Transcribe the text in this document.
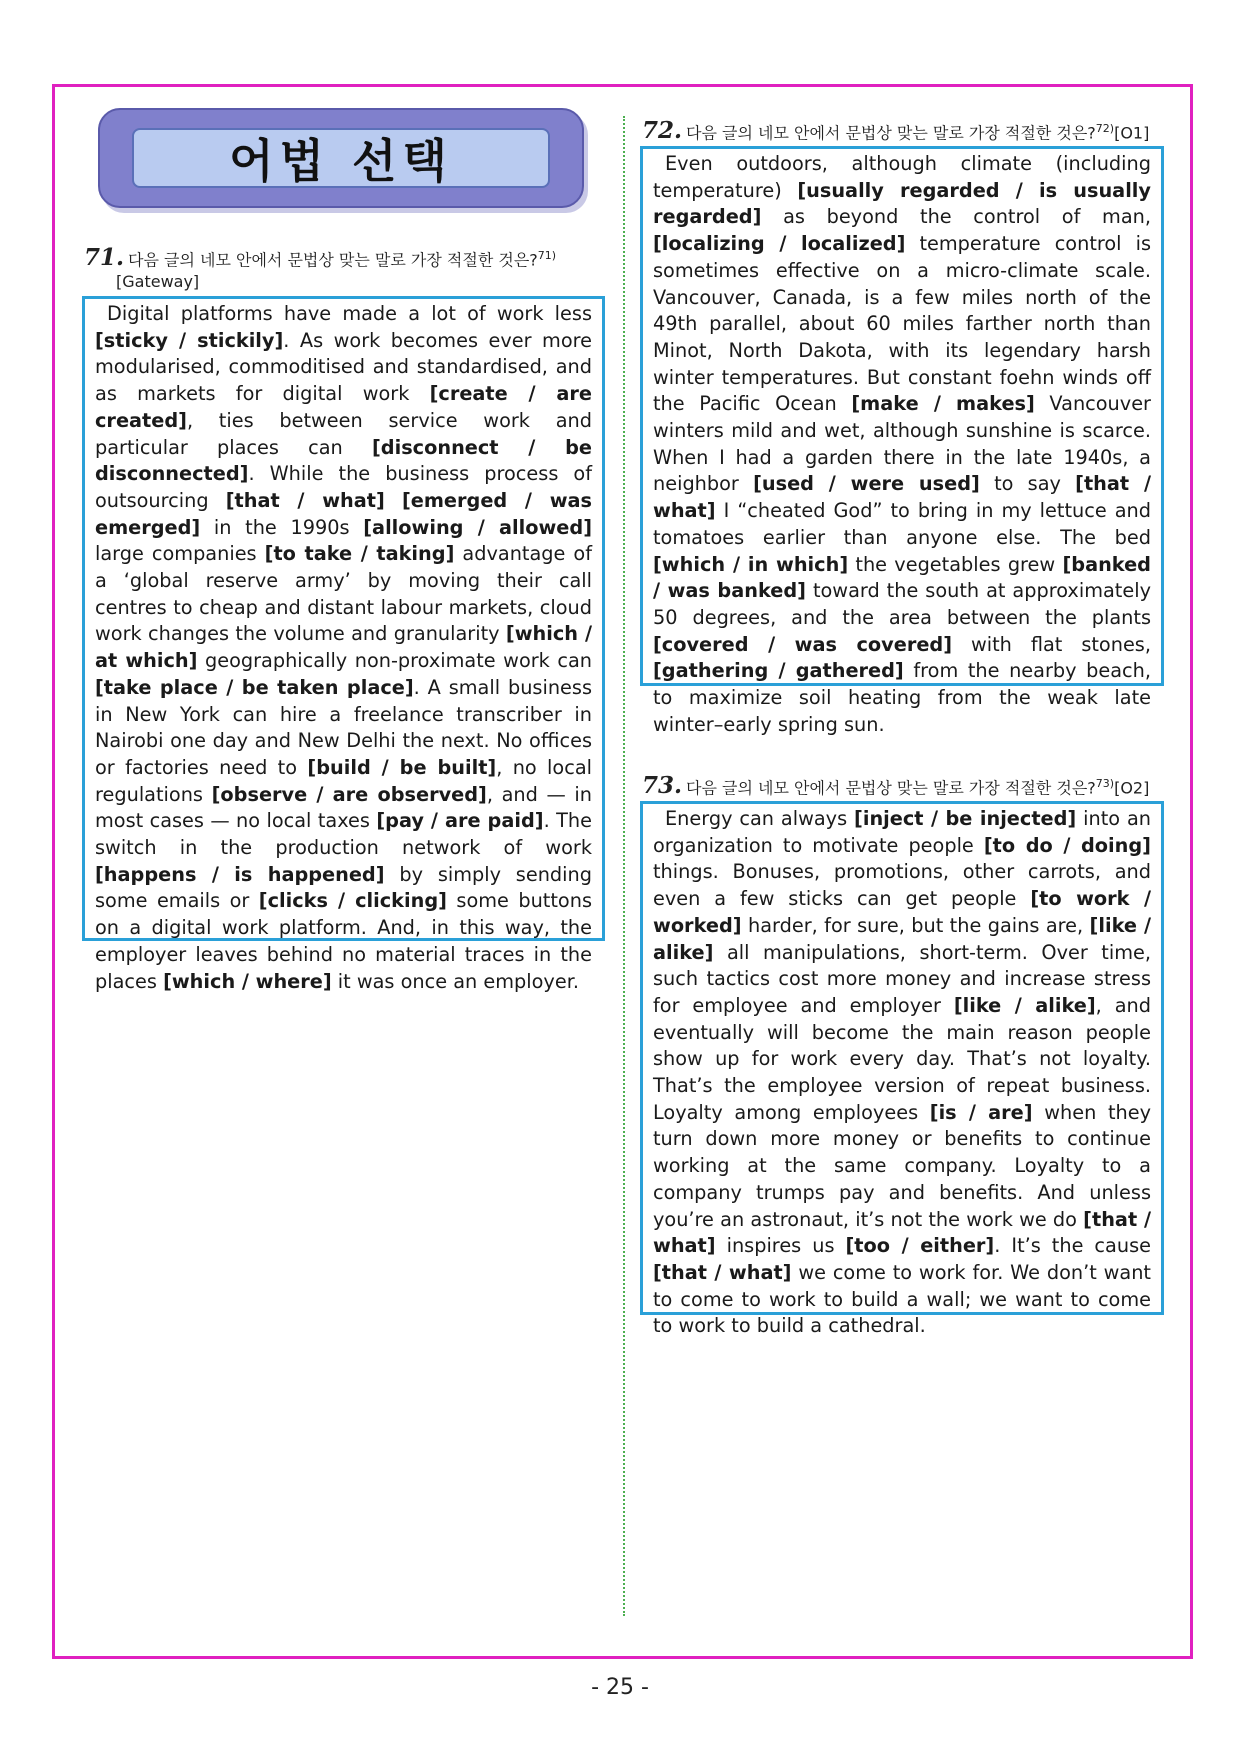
어법 선택
71. 다음 글의 네모 안에서 문법상 맞는 말로 가장 적절한 것은?$^{71)}$
[Gateway]

Digital platforms have made a lot of work less [sticky / stickily]. As work becomes ever more modularised, commoditised and standardised, and as markets for digital work [create / are created], ties between service work and particular places can [disconnect / be disconnected]. While the business process of outsourcing [that / what] [emerged / was emerged] in the 1990s [allowing / allowed] large companies [to take / taking] advantage of a ‘global reserve army’ by moving their call centres to cheap and distant labour markets, cloud work changes the volume and granularity [which / at which] geographically non-proximate work can [take place / be taken place]. A small business in New York can hire a freelance transcriber in Nairobi one day and New Delhi the next. No offices or factories need to [build / be built], no local regulations [observe / are observed], and — in most cases — no local taxes [pay / are paid]. The switch in the production network of work [happens / is happened] by simply sending some emails or [clicks / clicking] some buttons on a digital work platform. And, in this way, the employer leaves behind no material traces in the places [which / where] it was once an employer.

72. 다음 글의 네모 안에서 문법상 맞는 말로 가장 적절한 것은?$^{72)}$[O1]

Even outdoors, although climate (including temperature) [usually regarded / is usually regarded] as beyond the control of man, [localizing / localized] temperature control is sometimes effective on a micro-climate scale. Vancouver, Canada, is a few miles north of the 49th parallel, about 60 miles farther north than Minot, North Dakota, with its legendary harsh winter temperatures. But constant foehn winds off the Pacific Ocean [make / makes] Vancouver winters mild and wet, although sunshine is scarce. When I had a garden there in the late 1940s, a neighbor [used / were used] to say [that / what] I “cheated God” to bring in my lettuce and tomatoes earlier than anyone else. The bed [which / in which] the vegetables grew [banked / was banked] toward the south at approximately 50 degrees, and the area between the plants [covered / was covered] with flat stones, [gathering / gathered] from the nearby beach, to maximize soil heating from the weak late winter–early spring sun.

73. 다음 글의 네모 안에서 문법상 맞는 말로 가장 적절한 것은?$^{73)}$[O2]

Energy can always [inject / be injected] into an organization to motivate people [to do / doing] things. Bonuses, promotions, other carrots, and even a few sticks can get people [to work / worked] harder, for sure, but the gains are, [like / alike] all manipulations, short-term. Over time, such tactics cost more money and increase stress for employee and employer [like / alike], and eventually will become the main reason people show up for work every day. That’s not loyalty. That’s the employee version of repeat business. Loyalty among employees [is / are] when they turn down more money or benefits to continue working at the same company. Loyalty to a company trumps pay and benefits. And unless you’re an astronaut, it’s not the work we do [that / what] inspires us [too / either]. It’s the cause [that / what] we come to work for. We don’t want to come to work to build a wall; we want to come to work to build a cathedral.

- 25 -
